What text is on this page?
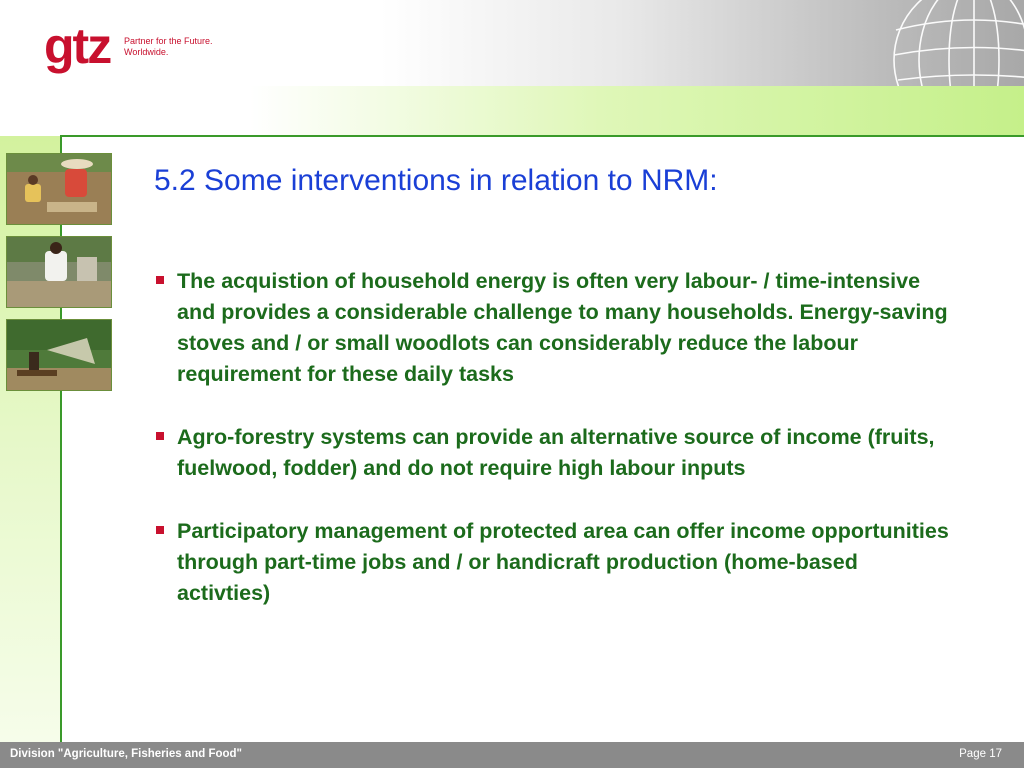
gtz Partner for the Future.
Worldwide.
5.2 Some interventions in relation to NRM:
The acquistion of household energy is often very labour- / time-intensive and provides a considerable challenge to many households. Energy-saving stoves and / or small woodlots can considerably reduce the labour requirement for these daily tasks
Agro-forestry systems can provide an alternative source of income (fruits, fuelwood, fodder) and do not require high labour inputs
Participatory management of protected area can offer income opportunities through part-time jobs and / or handicraft production (home-based activties)
Division "Agriculture, Fisheries and Food"	Page 17
